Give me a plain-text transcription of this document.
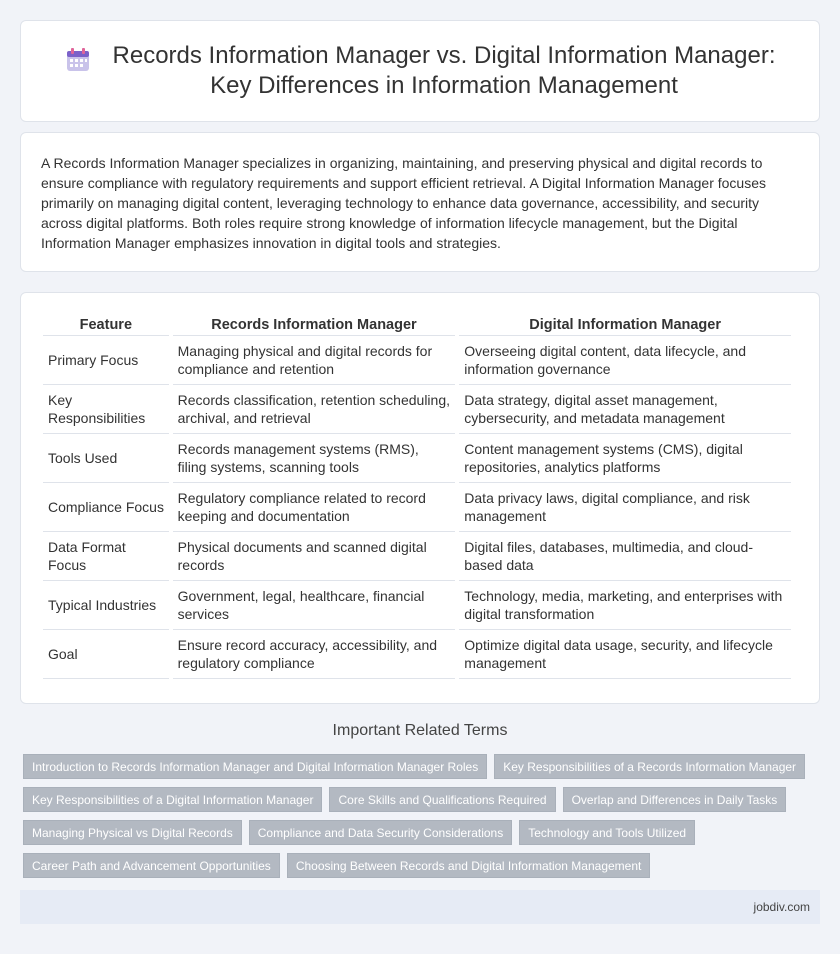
Records Information Manager vs. Digital Information Manager:
Key Differences in Information Management

A Records Information Manager specializes in organizing, maintaining, and preserving physical and digital records to ensure compliance with regulatory requirements and support efficient retrieval. A Digital Information Manager focuses primarily on managing digital content, leveraging technology to enhance data governance, accessibility, and security across digital platforms. Both roles require strong knowledge of information lifecycle management, but the Digital Information Manager emphasizes innovation in digital tools and strategies.

Feature	Records Information Manager	Digital Information Manager
Primary Focus	Managing physical and digital records for compliance and retention	Overseeing digital content, data lifecycle, and information governance
Key Responsibilities	Records classification, retention scheduling, archival, and retrieval	Data strategy, digital asset management, cybersecurity, and metadata management
Tools Used	Records management systems (RMS), filing systems, scanning tools	Content management systems (CMS), digital repositories, analytics platforms
Compliance Focus	Regulatory compliance related to record keeping and documentation	Data privacy laws, digital compliance, and risk management
Data Format Focus	Physical documents and scanned digital records	Digital files, databases, multimedia, and cloud-based data
Typical Industries	Government, legal, healthcare, financial services	Technology, media, marketing, and enterprises with digital transformation
Goal	Ensure record accuracy, accessibility, and regulatory compliance	Optimize digital data usage, security, and lifecycle management
Important Related Terms
Introduction to Records Information Manager and Digital Information Manager Roles	Key Responsibilities of a Records Information Manager
Key Responsibilities of a Digital Information Manager	Core Skills and Qualifications Required	Overlap and Differences in Daily Tasks
Managing Physical vs Digital Records	Compliance and Data Security Considerations	Technology and Tools Utilized
Career Path and Advancement Opportunities	Choosing Between Records and Digital Information Management
jobdiv.com
